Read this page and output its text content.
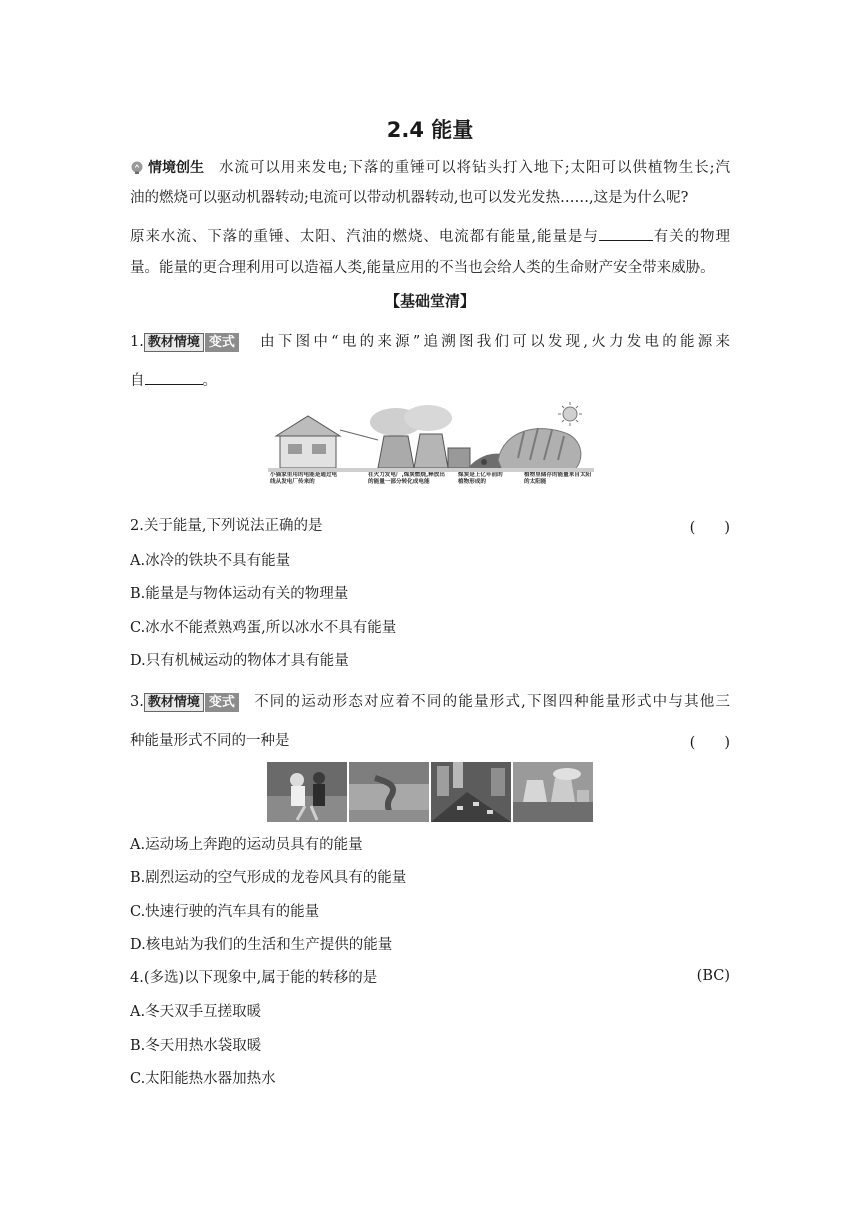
2.4 能量
情境创生 水流可以用来发电;下落的重锤可以将钻头打入地下;太阳可以供植物生长;汽
油的燃烧可以驱动机器转动;电流可以带动机器转动,也可以发光发热……,这是为什么呢?
原来水流、下落的重锤、太阳、汽油的燃烧、电流都有能量,能量是与	有关的物理
量。能量的更合理利用可以造福人类,能量应用的不当也会给人类的生命财产安全带来威胁。
【基础堂清】
1. 教材情境 变式 由下图中“电的来源”追溯图我们可以发现,火力发电的能源来
自	。
小猫家里用的电能是通过电线从发电厂传来的
在火力发电厂,煤炭燃烧,释放出的能量一部分转化成电能
煤炭是上亿年前的植物形成的
植物里储存的能量来自太阳的太阳能
2.关于能量,下列说法正确的是	(　　)
A.冰冷的铁块不具有能量
B.能量是与物体运动有关的物理量
C.冰水不能煮熟鸡蛋,所以冰水不具有能量
D.只有机械运动的物体才具有能量
3. 教材情境 变式 不同的运动形态对应着不同的能量形式,下图四种能量形式中与其他三
种能量形式不同的一种是	(　　)
A.运动场上奔跑的运动员具有的能量
B.剧烈运动的空气形成的龙卷风具有的能量
C.快速行驶的汽车具有的能量
D.核电站为我们的生活和生产提供的能量
4.(多选)以下现象中,属于能的转移的是	(BC)
A.冬天双手互搓取暖
B.冬天用热水袋取暖
C.太阳能热水器加热水
